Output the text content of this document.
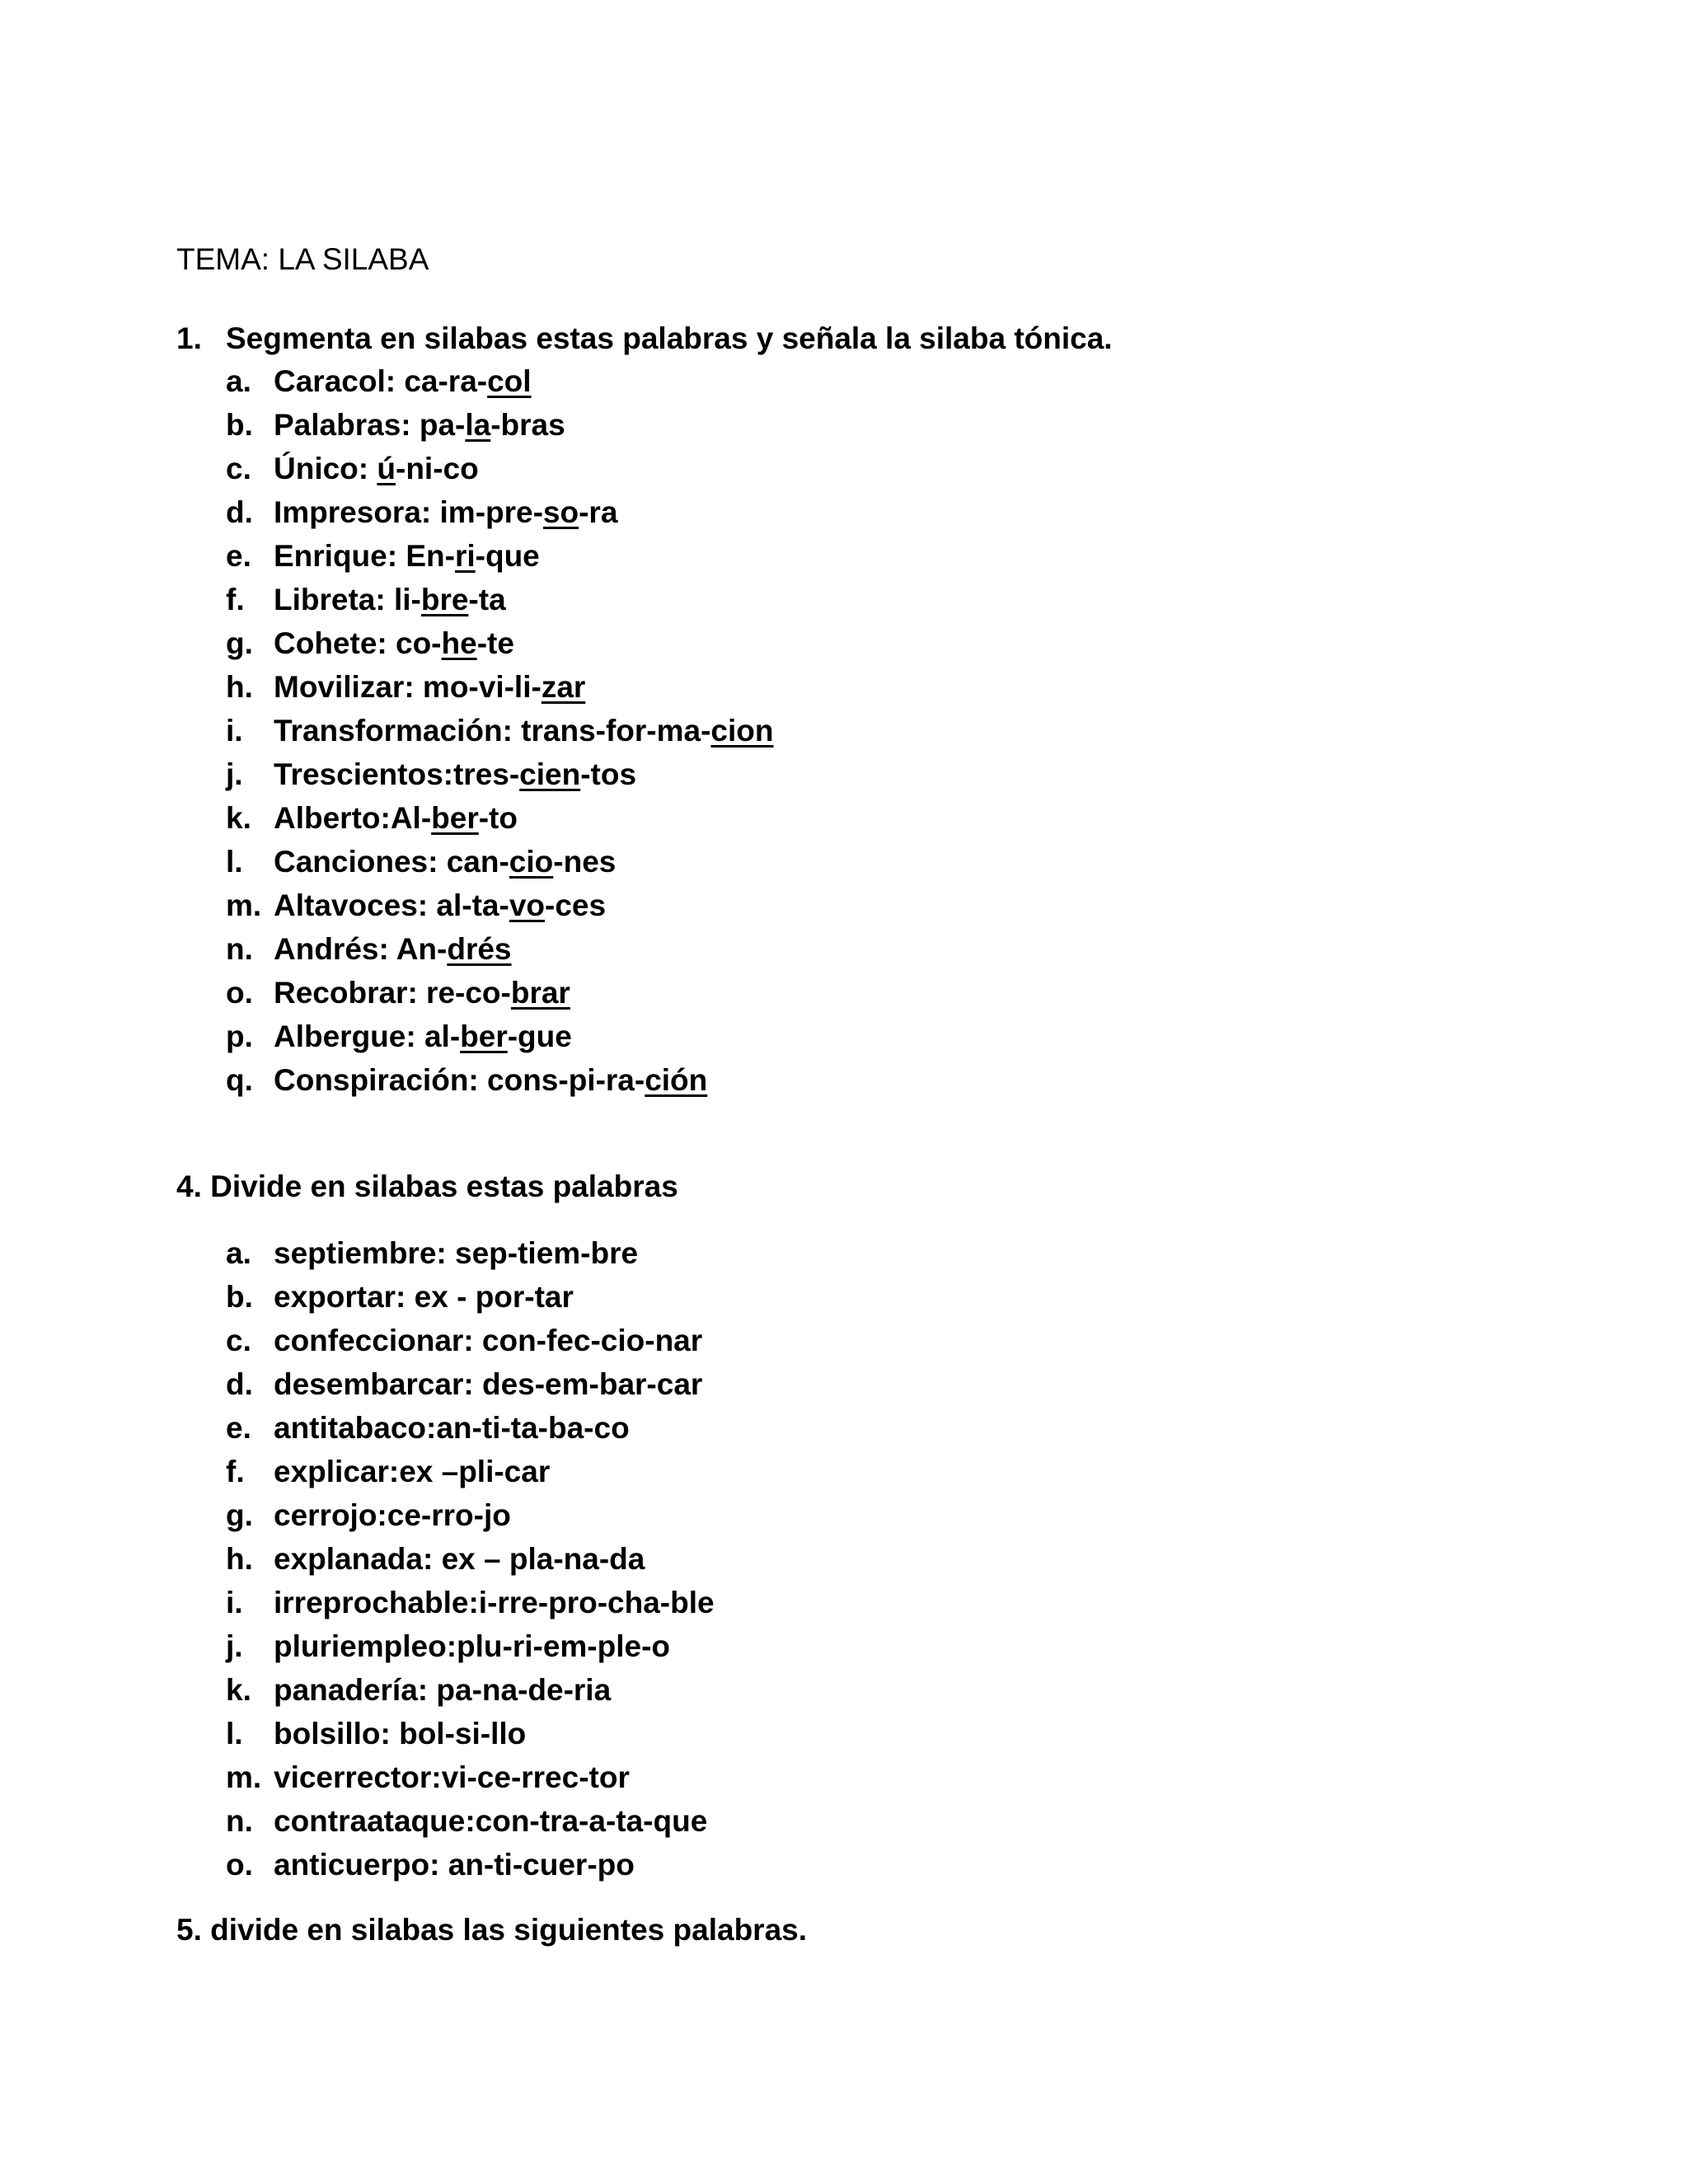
TEMA: LA SILABA
1. Segmenta en silabas estas palabras y señala la silaba tónica.
a. Caracol: ca-ra-col
b. Palabras: pa-la-bras
c. Único: ú-ni-co
d. Impresora: im-pre-so-ra
e. Enrique: En-ri-que
f. Libreta: li-bre-ta
g. Cohete: co-he-te
h. Movilizar: mo-vi-li-zar
i. Transformación: trans-for-ma-cion
j. Trescientos:tres-cien-tos
k. Alberto:Al-ber-to
l. Canciones: can-cio-nes
m. Altavoces: al-ta-vo-ces
n. Andrés: An-drés
o. Recobrar: re-co-brar
p. Albergue: al-ber-gue
q. Conspiración: cons-pi-ra-ción
4. Divide en silabas estas palabras
a. septiembre: sep-tiem-bre
b. exportar: ex - por-tar
c. confeccionar: con-fec-cio-nar
d. desembarcar: des-em-bar-car
e. antitabaco:an-ti-ta-ba-co
f. explicar:ex –pli-car
g. cerrojo:ce-rro-jo
h. explanada: ex – pla-na-da
i. irreprochable:i-rre-pro-cha-ble
j. pluriempleo:plu-ri-em-ple-o
k. panadería: pa-na-de-ria
l. bolsillo: bol-si-llo
m. vicerrector:vi-ce-rrec-tor
n. contraataque:con-tra-a-ta-que
o. anticuerpo: an-ti-cuer-po
5. divide en silabas las siguientes palabras.
